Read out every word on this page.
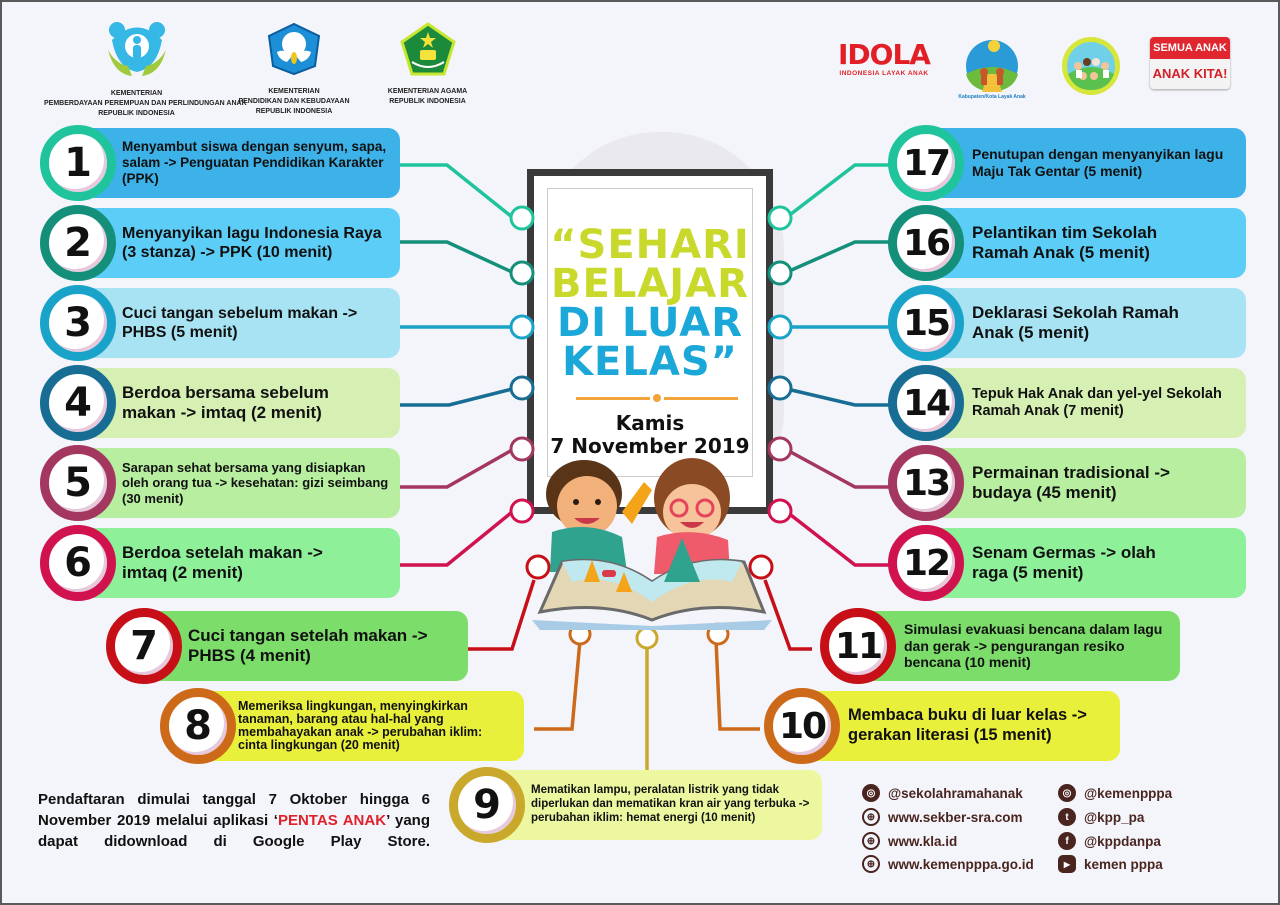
KEMENTERIAN
PEMBERDAYAAN PEREMPUAN DAN PERLINDUNGAN ANAK
REPUBLIK INDONESIA
KEMENTERIAN
PENDIDIKAN DAN KEBUDAYAAN
REPUBLIK INDONESIA
KEMENTERIAN AGAMA
REPUBLIK INDONESIA
IDOLA
INDONESIA LAYAK ANAK
Kabupaten/Kota Layak Anak
SEMUA ANAK
ANAK KITA!
“SEHARI
BELAJAR
DI LUAR
KELAS”
Kamis
7 November 2019
Menyambut siswa dengan senyum, sapa, salam -> Penguatan Pendidikan Karakter (PPK)
1
Menyanyikan lagu Indonesia Raya (3 stanza) -> PPK (10 menit)
2
Cuci tangan sebelum makan -> PHBS (5 menit)
3
Berdoa bersama sebelum makan -> imtaq (2 menit)
4
Sarapan sehat bersama yang disiapkan oleh orang tua -> kesehatan: gizi seimbang (30 menit)
5
Berdoa setelah makan -> imtaq (2 menit)
6
Cuci tangan setelah makan -> PHBS (4 menit)
7
Memeriksa lingkungan, menyingkirkan tanaman, barang atau hal-hal yang membahayakan anak -> perubahan iklim: cinta lingkungan (20 menit)
8
Mematikan lampu, peralatan listrik yang tidak diperlukan dan mematikan kran air yang terbuka -> perubahan iklim: hemat energi (10 menit)
9
Membaca buku di luar kelas -> gerakan literasi (15 menit)
10
Simulasi evakuasi bencana dalam lagu dan gerak -> pengurangan resiko bencana (10 menit)
11
Senam Germas -> olah raga (5 menit)
12
Permainan tradisional -> budaya (45 menit)
13
Tepuk Hak Anak dan yel-yel Sekolah Ramah Anak (7 menit)
14
Deklarasi Sekolah Ramah Anak (5 menit)
15
Pelantikan tim Sekolah Ramah Anak (5 menit)
16
Penutupan dengan menyanyikan lagu Maju Tak Gentar (5 menit)
17
Pendaftaran dimulai tanggal 7 Oktober hingga 6 November 2019 melalui aplikasi ‘PENTAS ANAK’ yang dapat didownload di Google Play Store.
◎ @sekolahramahanak
⊕ www.sekber-sra.com
⊕ www.kla.id
⊕ www.kemenpppa.go.id
◎ @kemenpppa
t	@kpp_pa
f	@kppdanpa
▶	kemen pppa
